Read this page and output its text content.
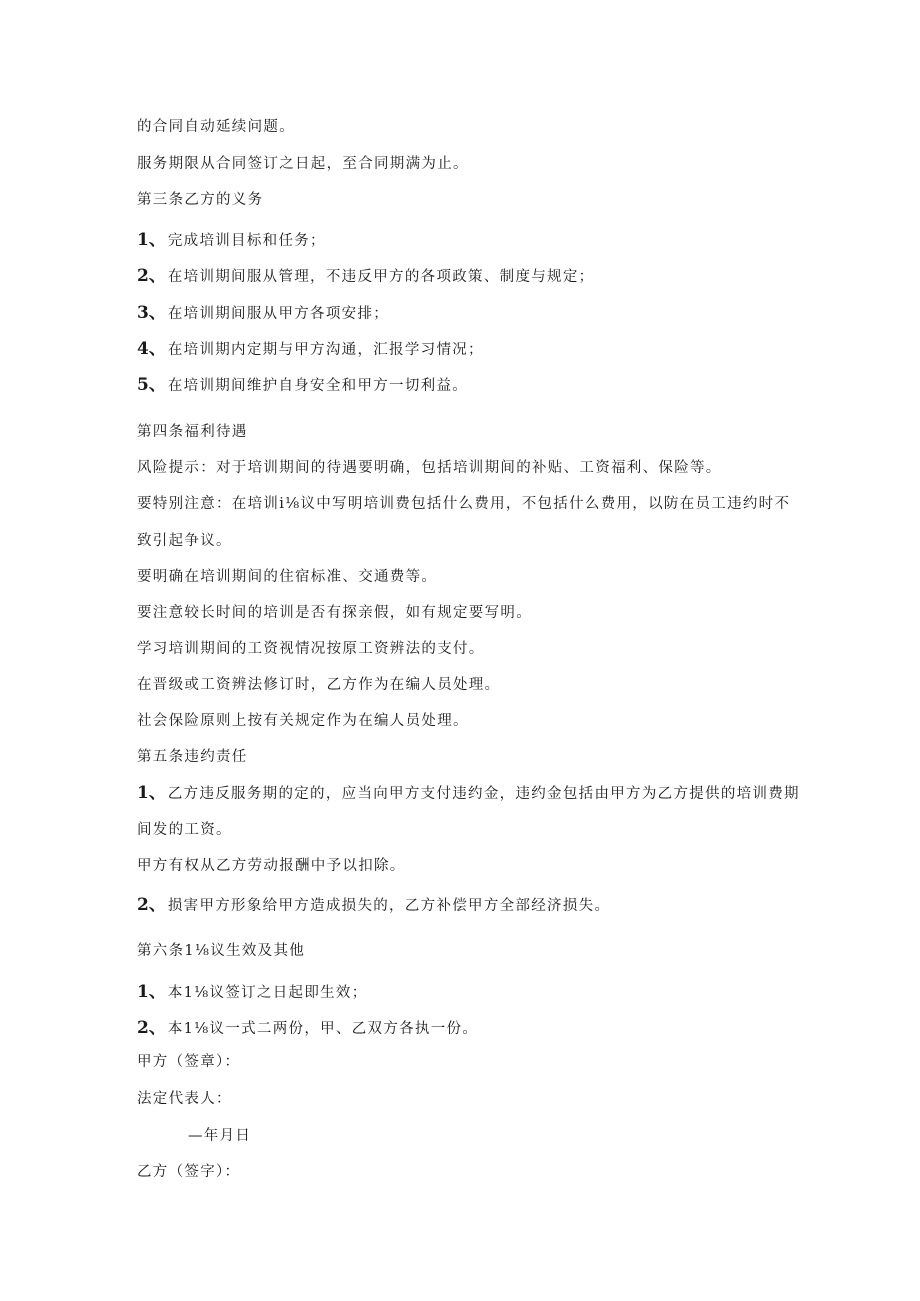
的合同自动延续问题。
服务期限从合同签订之日起，至合同期满为止。
第三条乙方的义务
1、 完成培训目标和任务；
2、 在培训期间服从管理，不违反甲方的各项政策、制度与规定；
3、 在培训期间服从甲方各项安排；
4、 在培训期内定期与甲方沟通，汇报学习情况；
5、 在培训期间维护自身安全和甲方一切利益。
第四条福利待遇
风险提示：对于培训期间的待遇要明确，包括培训期间的补贴、工资福利、保险等。
要特别注意：在培训i⅛议中写明培训费包括什么费用，不包括什么费用，以防在员工违约时不
致引起争议。
要明确在培训期间的住宿标准、交通费等。
要注意较长时间的培训是否有探亲假，如有规定要写明。
学习培训期间的工资视情况按原工资辨法的支付。
在晋级或工资辨法修订时，乙方作为在编人员处理。
社会保险原则上按有关规定作为在编人员处理。
第五条违约责任
1、 乙方违反服务期的定的，应当向甲方支付违约金，违约金包括由甲方为乙方提供的培训费期
间发的工资。
甲方有权从乙方劳动报酬中予以扣除。
2、 损害甲方形象给甲方造成损失的，乙方补偿甲方全部经济损失。
第六条1⅛议生效及其他
1、 本1⅛议签订之日起即生效；
2、 本1⅛议一式二两份，甲、乙双方各执一份。
甲方（签章）：
法定代表人：
—年月日
乙方（签字）：
